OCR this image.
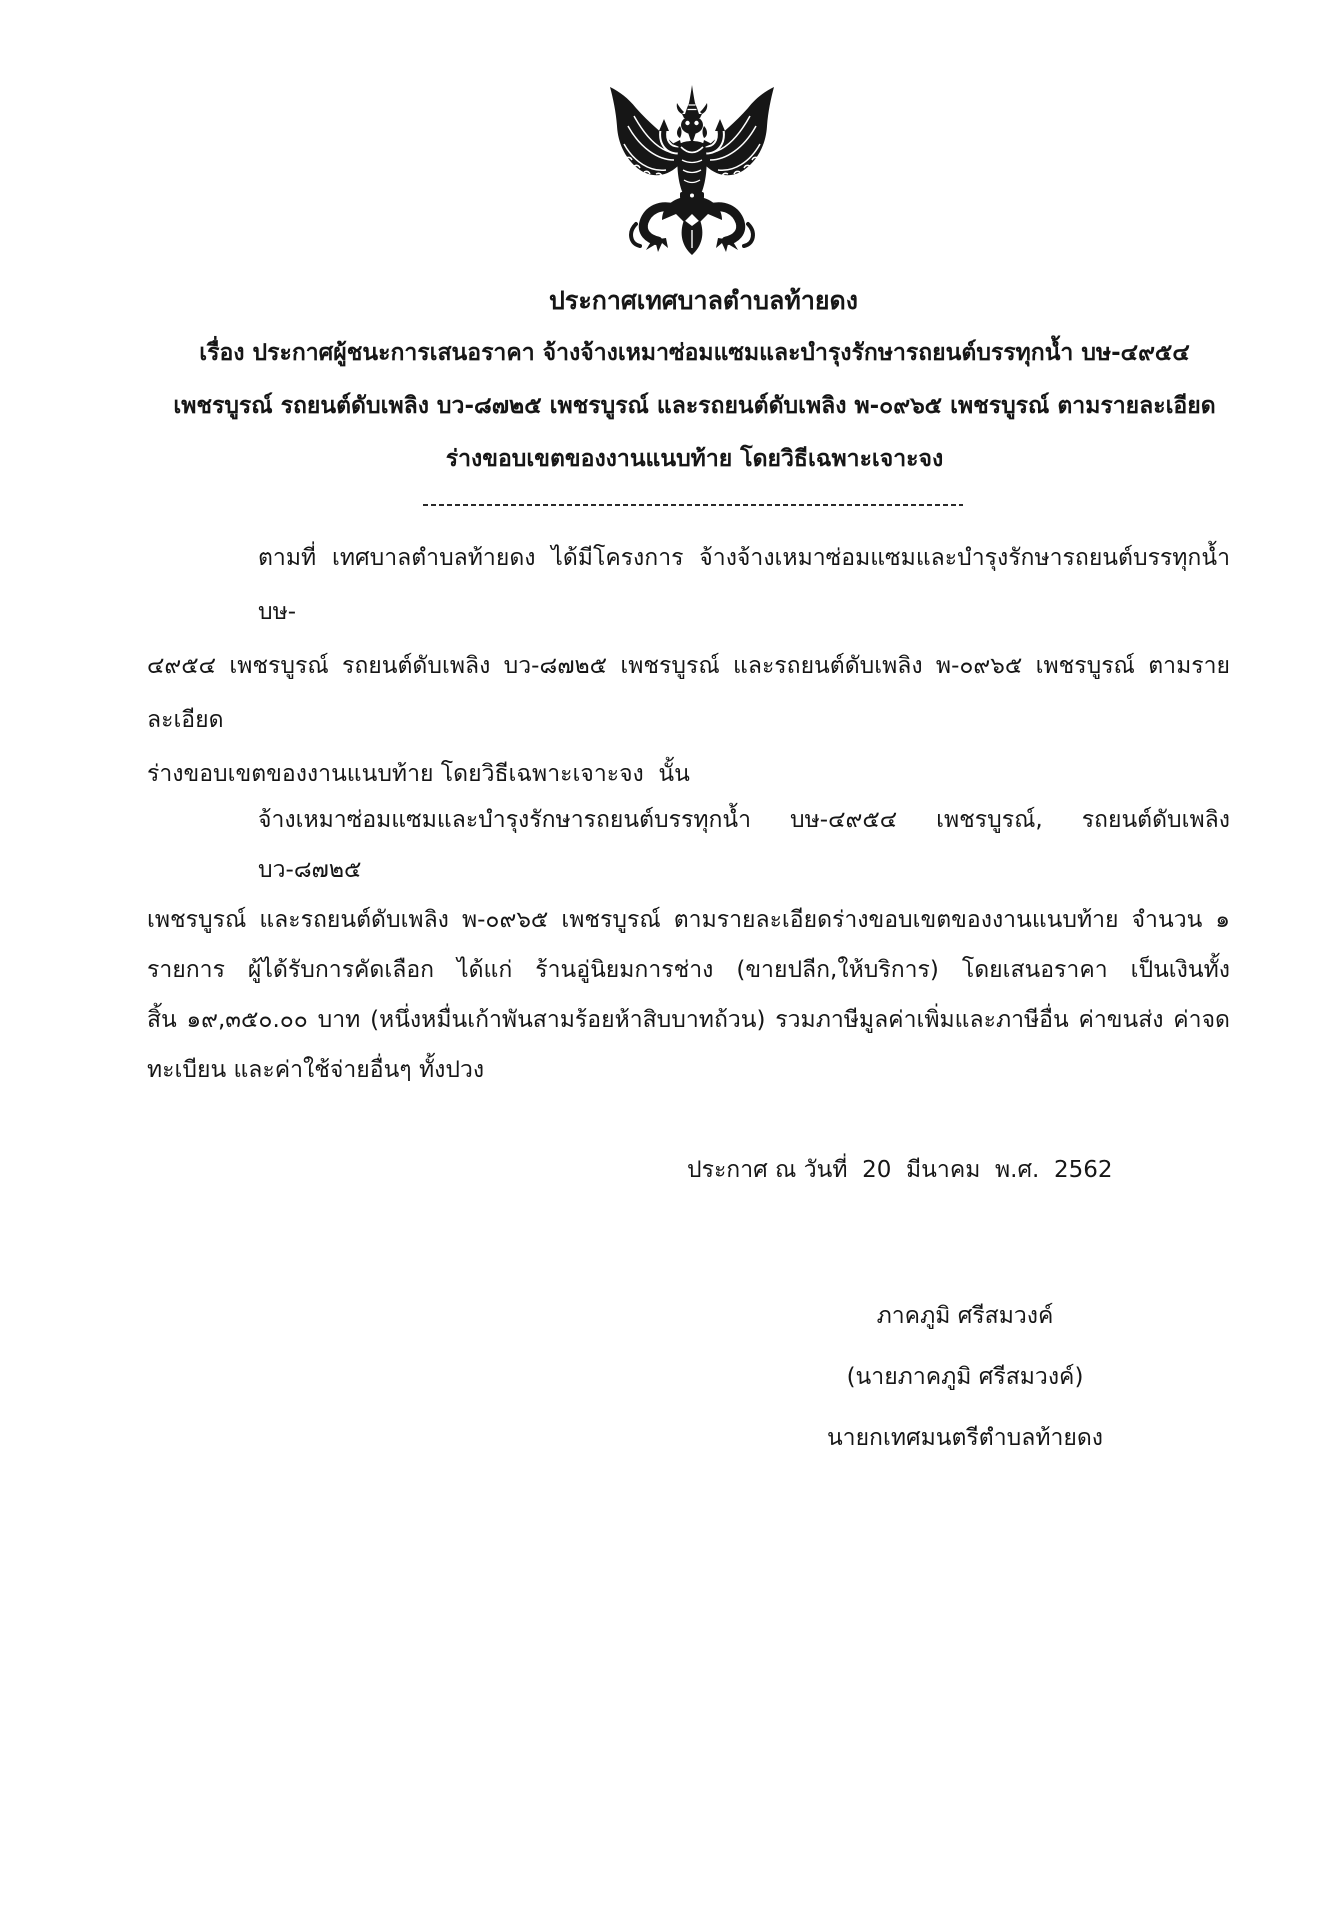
ประกาศเทศบาลตำบลท้ายดง
เรื่อง ประกาศผู้ชนะการเสนอราคา จ้างจ้างเหมาซ่อมแซมและบำรุงรักษารถยนต์บรรทุกน้ำ บษ-๔๙๕๔
เพชรบูรณ์ รถยนต์ดับเพลิง บว-๘๗๒๕ เพชรบูรณ์ และรถยนต์ดับเพลิง พ-๐๙๖๕ เพชรบูรณ์ ตามรายละเอียด
ร่างขอบเขตของงานแนบท้าย โดยวิธีเฉพาะเจาะจง
ตามที่ เทศบาลตำบลท้ายดง ได้มีโครงการ จ้างจ้างเหมาซ่อมแซมและบำรุงรักษารถยนต์บรรทุกน้ำ บษ-
๔๙๕๔ เพชรบูรณ์ รถยนต์ดับเพลิง บว-๘๗๒๕ เพชรบูรณ์ และรถยนต์ดับเพลิง พ-๐๙๖๕ เพชรบูรณ์ ตามรายละเอียด
ร่างขอบเขตของงานแนบท้าย โดยวิธีเฉพาะเจาะจง  นั้น
จ้างเหมาซ่อมแซมและบำรุงรักษารถยนต์บรรทุกน้ำ บษ-๔๙๕๔ เพชรบูรณ์, รถยนต์ดับเพลิง บว-๘๗๒๕
เพชรบูรณ์ และรถยนต์ดับเพลิง พ-๐๙๖๕ เพชรบูรณ์ ตามรายละเอียดร่างขอบเขตของงานแนบท้าย จำนวน ๑
รายการ ผู้ได้รับการคัดเลือก ได้แก่ ร้านอู่นิยมการช่าง (ขายปลีก,ให้บริการ) โดยเสนอราคา เป็นเงินทั้ง
สิ้น ๑๙,๓๕๐.๐๐ บาท (หนึ่งหมื่นเก้าพันสามร้อยห้าสิบบาทถ้วน) รวมภาษีมูลค่าเพิ่มและภาษีอื่น ค่าขนส่ง ค่าจด
ทะเบียน และค่าใช้จ่ายอื่นๆ ทั้งปวง
ประกาศ ณ วันที่  20  มีนาคม  พ.ศ.  2562
ภาคภูมิ ศรีสมวงค์
(นายภาคภูมิ ศรีสมวงค์)
นายกเทศมนตรีตำบลท้ายดง
